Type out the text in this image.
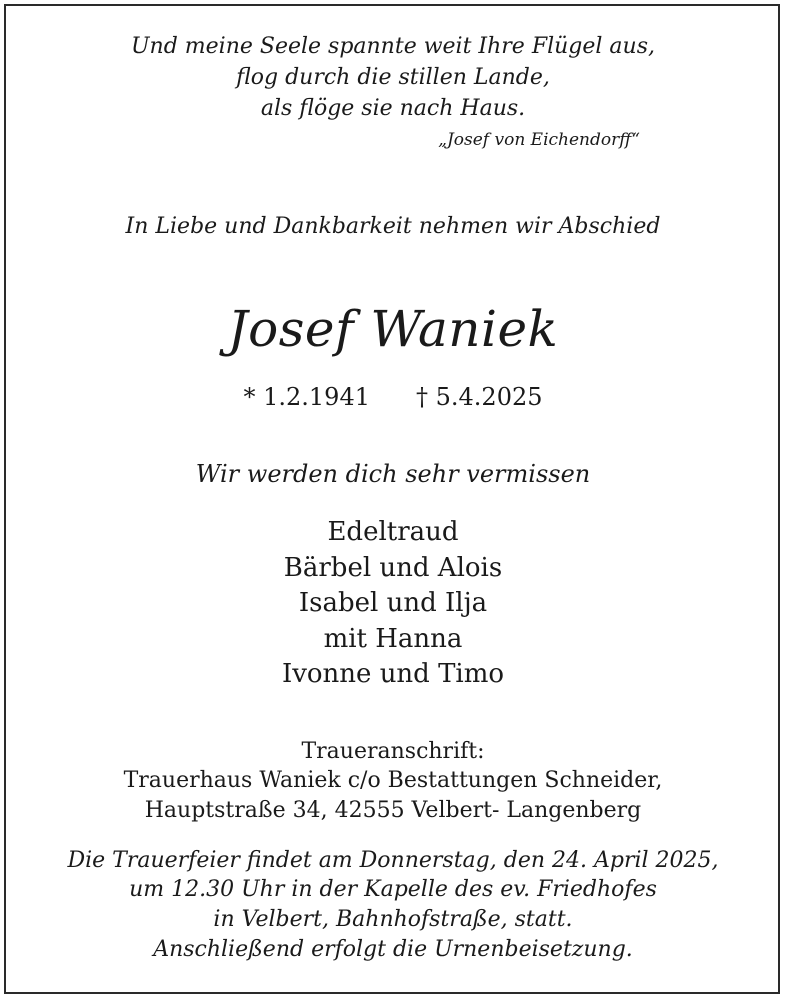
Und meine Seele spannte weit Ihre Flügel aus,
flog durch die stillen Lande,
als flöge sie nach Haus.
„Josef von Eichendorff“
In Liebe und Dankbarkeit nehmen wir Abschied
Josef Waniek
* 1.2.1941 † 5.4.2025
Wir werden dich sehr vermissen
Edeltraud
Bärbel und Alois
Isabel und Ilja
mit Hanna
Ivonne und Timo
Traueranschrift:
Trauerhaus Waniek c/o Bestattungen Schneider,
Hauptstraße 34, 42555 Velbert- Langenberg
Die Trauerfeier findet am Donnerstag, den 24. April 2025,
um 12.30 Uhr in der Kapelle des ev. Friedhofes
in Velbert, Bahnhofstraße, statt.
Anschließend erfolgt die Urnenbeisetzung.
